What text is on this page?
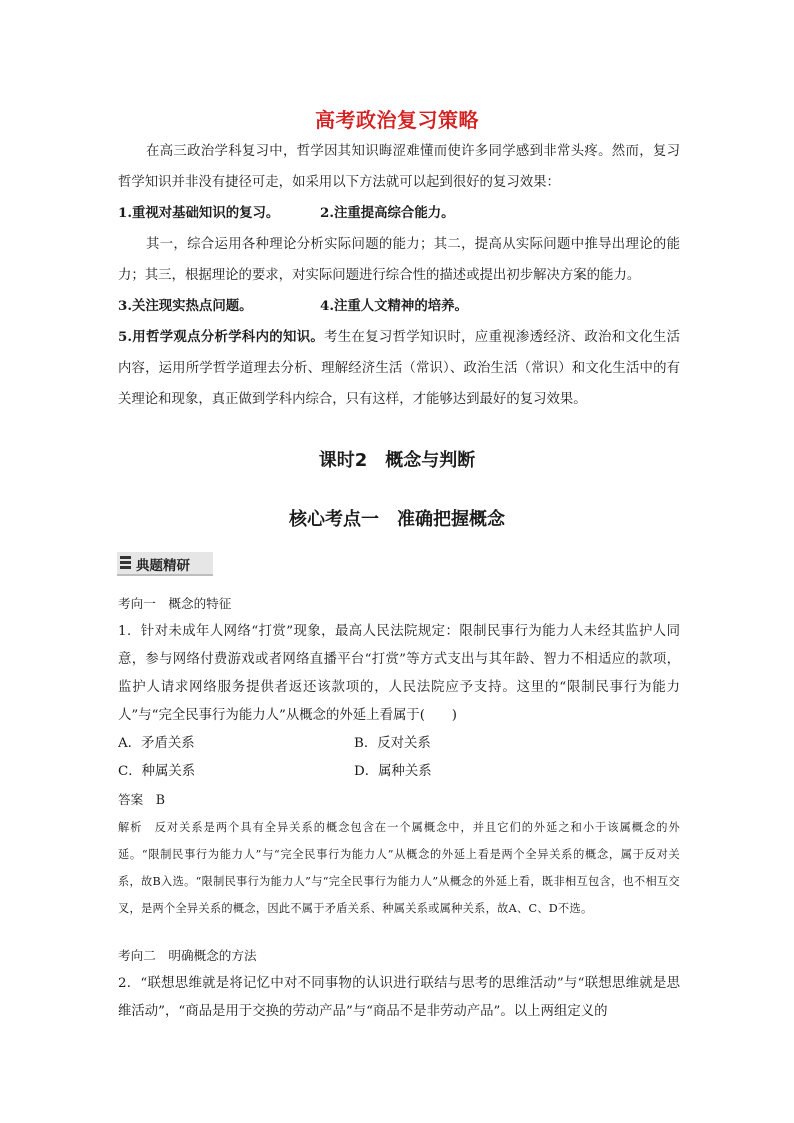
高考政治复习策略
在高三政治学科复习中，哲学因其知识晦涩难懂而使许多同学感到非常头疼。然而，复习哲学知识并非没有捷径可走，如采用以下方法就可以起到很好的复习效果：
1.重视对基础知识的复习。	2.注重提高综合能力。
其一，综合运用各种理论分析实际问题的能力；其二，提高从实际问题中推导出理论的能力；其三，根据理论的要求，对实际问题进行综合性的描述或提出初步解决方案的能力。
3.关注现实热点问题。	4.注重人文精神的培养。
5.用哲学观点分析学科内的知识。考生在复习哲学知识时，应重视渗透经济、政治和文化生活内容，运用所学哲学道理去分析、理解经济生活（常识）、政治生活（常识）和文化生活中的有关理论和现象，真正做到学科内综合，只有这样，才能够达到最好的复习效果。
课时2　概念与判断
核心考点一　准确把握概念
典题精研
考向一　概念的特征
1．针对未成年人网络“打赏”现象，最高人民法院规定：限制民事行为能力人未经其监护人同意，参与网络付费游戏或者网络直播平台“打赏”等方式支出与其年龄、智力不相适应的款项，监护人请求网络服务提供者返还该款项的，人民法院应予支持。这里的“限制民事行为能力人”与“完全民事行为能力人”从概念的外延上看属于(　　)
A．矛盾关系	B．反对关系
C．种属关系	D．属种关系
答案　B
解析　反对关系是两个具有全异关系的概念包含在一个属概念中，并且它们的外延之和小于该属概念的外延。“限制民事行为能力人”与“完全民事行为能力人”从概念的外延上看是两个全异关系的概念，属于反对关系，故B入选。“限制民事行为能力人”与“完全民事行为能力人”从概念的外延上看，既非相互包含，也不相互交叉，是两个全异关系的概念，因此不属于矛盾关系、种属关系或属种关系，故A、C、D不选。
考向二　明确概念的方法
2．“联想思维就是将记忆中对不同事物的认识进行联结与思考的思维活动”与“联想思维就是思维活动”，“商品是用于交换的劳动产品”与“商品不是非劳动产品”。以上两组定义的
